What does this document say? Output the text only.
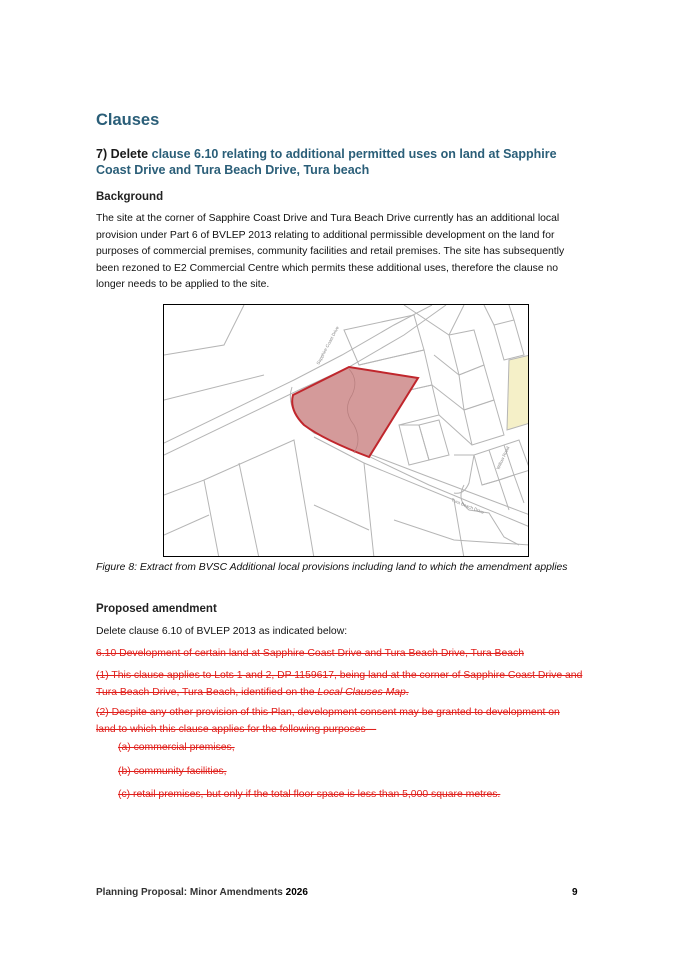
Clauses
7) Delete clause 6.10 relating to additional permitted uses on land at Sapphire Coast Drive and Tura Beach Drive, Tura beach
Background
The site at the corner of Sapphire Coast Drive and Tura Beach Drive currently has an additional local provision under Part 6 of BVLEP 2013 relating to additional permissible development on the land for purposes of commercial premises, community facilities and retail premises. The site has subsequently been rezoned to E2 Commercial Centre which permits these additional uses, therefore the clause no longer needs to be applied to the site.
Sapphire Coast Drive
Tura Beach Drive
Willow Road
Figure 8: Extract from BVSC Additional local provisions including land to which the amendment applies
Proposed amendment
Delete clause 6.10 of BVLEP 2013 as indicated below:
6.10 Development of certain land at Sapphire Coast Drive and Tura Beach Drive, Tura Beach
(1) This clause applies to Lots 1 and 2, DP 1159617, being land at the corner of Sapphire Coast Drive and Tura Beach Drive, Tura Beach, identified on the Local Clauses Map.
(2) Despite any other provision of this Plan, development consent may be granted to development on land to which this clause applies for the following purposes—
(a) commercial premises,
(b) community facilities,
(c) retail premises, but only if the total floor space is less than 5,000 square metres.
Planning Proposal: Minor Amendments 2026	9
